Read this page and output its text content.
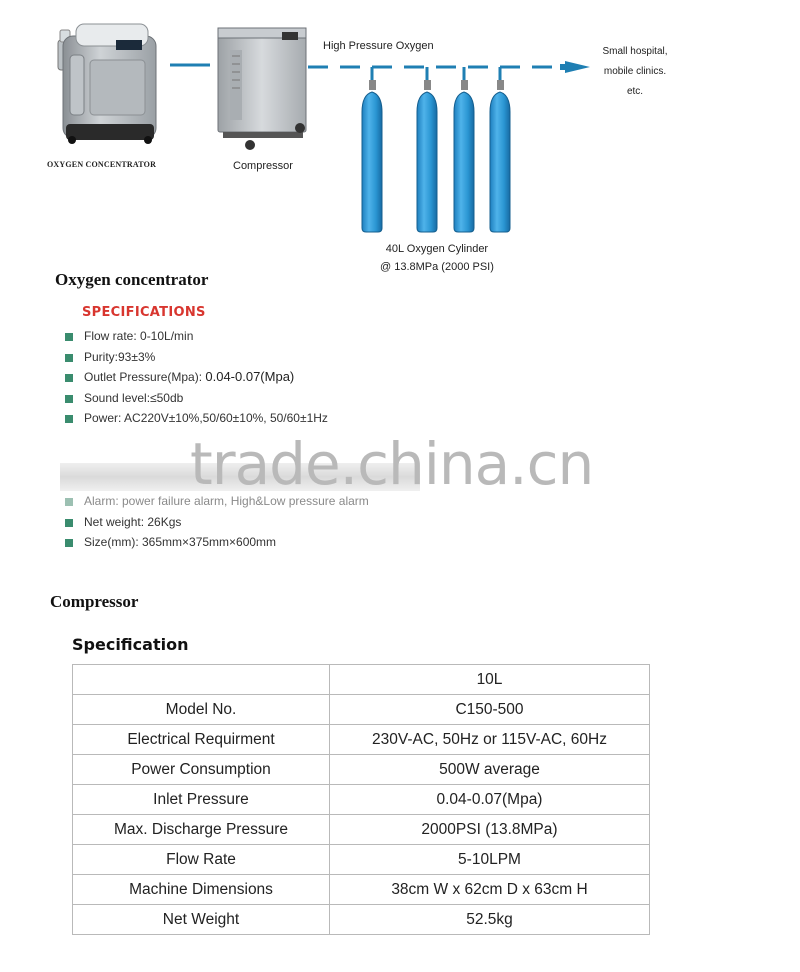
OXYGEN CONCENTRATOR	Compressor
High Pressure Oxygen	Small hospital,
mobile clinics.
etc.
40L Oxygen Cylinder
@ 13.8MPa (2000 PSI)
Oxygen concentrator
SPECIFICATIONS
Flow rate: 0-10L/min
Purity:93±3%
Outlet Pressure(Mpa): 0.04-0.07(Mpa)
Sound level:≤50db
Power: AC220V±10%,50/60±10%, 50/60±1Hz
Alarm: power failure alarm, High&Low pressure alarm
Net weight: 26Kgs
Size(mm): 365mm×375mm×600mm
trade.china.cn
Compressor
Specification
	10L
Model No.	C150-500
Electrical Requirment	230V-AC, 50Hz or 115V-AC, 60Hz
Power Consumption	500W average
Inlet Pressure	0.04-0.07(Mpa)
Max. Discharge Pressure	2000PSI (13.8MPa)
Flow Rate	5-10LPM
Machine Dimensions	38cm W x 62cm D x 63cm H
Net Weight	52.5kg
